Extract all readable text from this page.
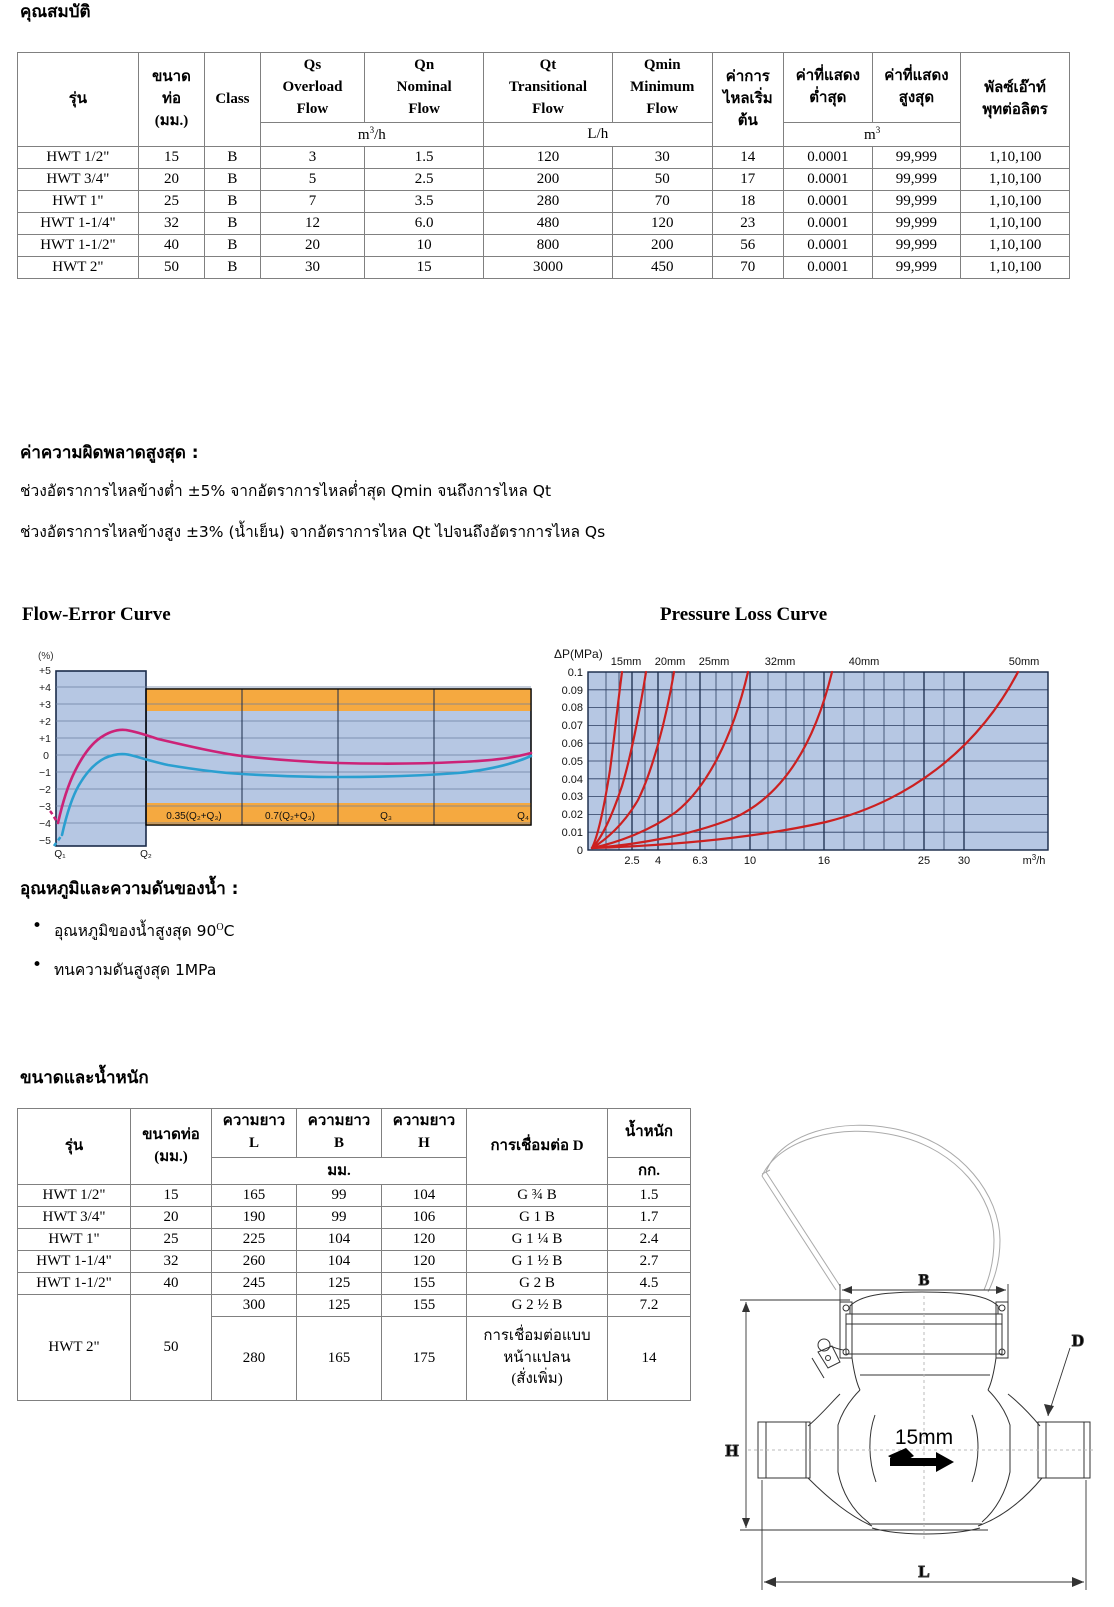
คุณสมบัติ
รุ่น	ขนาด
ท่อ
(มม.)	Class	Qs
Overload
Flow	Qn
Nominal
Flow	Qt
Transitional
Flow	Qmin
Minimum
Flow	ค่าการ
ไหลเริ่ม
ต้น	ค่าที่แสดง
ต่ำสุด	ค่าที่แสดง
สูงสุด	พัลซ์เอ๊าท์
พุทต่อลิตร
			$m^3/h$		L/h			$m^3$
HWT 1/2"	15	B	3	1.5	120	30	14	0.0001	99,999	1,10,100
HWT 3/4"	20	B	5	2.5	200	50	17	0.0001	99,999	1,10,100
HWT 1"	25	B	7	3.5	280	70	18	0.0001	99,999	1,10,100
HWT 1-1/4"	32	B	12	6.0	480	120	23	0.0001	99,999	1,10,100
HWT 1-1/2"	40	B	20	10	800	200	56	0.0001	99,999	1,10,100
HWT 2"	50	B	30	15	3000	450	70	0.0001	99,999	1,10,100
ค่าความผิดพลาดสูงสุด :
ช่วงอัตราการไหลข้างต่ำ ±5% จากอัตราการไหลต่ำสุด Qmin จนถึงการไหล Qt
ช่วงอัตราการไหลข้างสูง ±3% (น้ำเย็น) จากอัตราการไหล Qt ไปจนถึงอัตราการไหล Qs
Flow-Error Curve
(%)
+5
+4
+3
+2
+1
0
−1
−2
−3
−4
−5
0.35(Q₂+Q₃)	0.7(Q₂+Q₃)	Q₃	Q₄
Q₁	Q₂
Pressure Loss Curve
ΔP(MPa)
0.1
0.09
0.08
0.07
0.06
0.05
0.04
0.03
0.02
0.01
0
15mm 20mm 25mm	32mm	40mm	50mm
2.5 4	6.3	10	16	25	30	$m^3/h$
อุณหภูมิและความดันของน้ำ :
• อุณหภูมิของน้ำสูงสุด $90^OC$
• ทนความดันสูงสุด 1MPa
ขนาดและน้ำหนัก
รุ่น	ขนาดท่อ
(มม.)	ความยาว
L	ความยาว
B	ความยาว
H	การเชื่อมต่อ D	น้ำหนัก
		มม.				กก.
HWT 1/2"	15	165	99	104	G ¾ B	1.5
HWT 3/4"	20	190	99	106	G 1 B	1.7
HWT 1"	25	225	104	120	G 1 ¼ B	2.4
HWT 1-1/4"	32	260	104	120	G 1 ½ B	2.7
HWT 1-1/2"	40	245	125	155	G 2 B	4.5
HWT 2"	50	300	125	155	G 2 ½ B	7.2
		280	165	175	การเชื่อมต่อแบบ
หน้าแปลน
(สั่งเพิ่ม)	14
B
H
D
L
15mm
